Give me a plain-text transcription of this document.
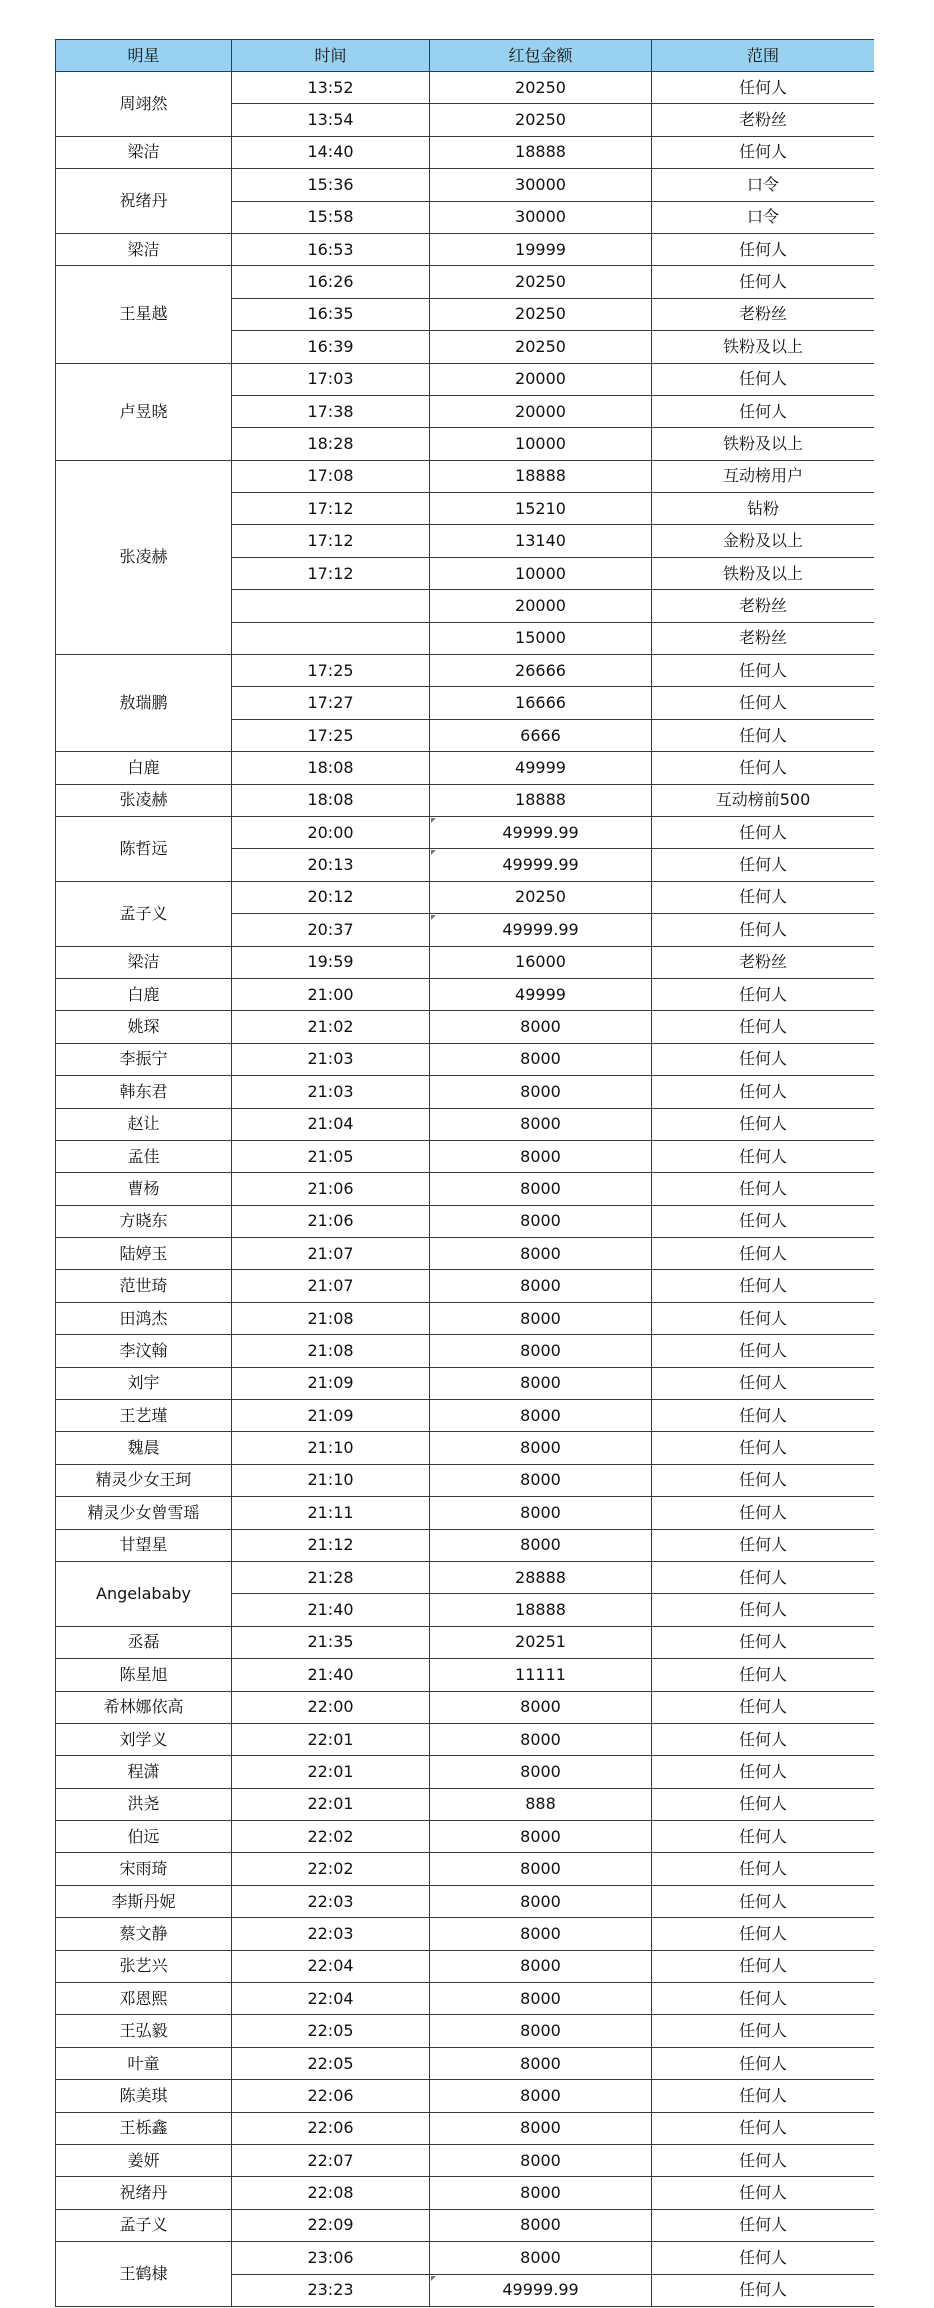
明星	时间	红包金额	范围
周翊然	13:52	20250	任何人
	13:54	20250	老粉丝
梁洁	14:40	18888	任何人
祝绪丹	15:36	30000	口令
	15:58	30000	口令
梁洁	16:53	19999	任何人
王星越	16:26	20250	任何人
	16:35	20250	老粉丝
	16:39	20250	铁粉及以上
卢昱晓	17:03	20000	任何人
	17:38	20000	任何人
	18:28	10000	铁粉及以上
张凌赫	17:08	18888	互动榜用户
	17:12	15210	钻粉
	17:12	13140	金粉及以上
	17:12	10000	铁粉及以上
		20000	老粉丝
		15000	老粉丝
敖瑞鹏	17:25	26666	任何人
	17:27	16666	任何人
	17:25	6666	任何人
白鹿	18:08	49999	任何人
张凌赫	18:08	18888	互动榜前500
陈哲远	20:00	49999.99	任何人
	20:13	49999.99	任何人
孟子义	20:12	20250	任何人
	20:37	49999.99	任何人
梁洁	19:59	16000	老粉丝
白鹿	21:00	49999	任何人
姚琛	21:02	8000	任何人
李振宁	21:03	8000	任何人
韩东君	21:03	8000	任何人
赵让	21:04	8000	任何人
孟佳	21:05	8000	任何人
曹杨	21:06	8000	任何人
方晓东	21:06	8000	任何人
陆婷玉	21:07	8000	任何人
范世琦	21:07	8000	任何人
田鸿杰	21:08	8000	任何人
李汶翰	21:08	8000	任何人
刘宇	21:09	8000	任何人
王艺瑾	21:09	8000	任何人
魏晨	21:10	8000	任何人
精灵少女王珂	21:10	8000	任何人
精灵少女曾雪瑶	21:11	8000	任何人
甘望星	21:12	8000	任何人
Angelababy	21:28	28888	任何人
	21:40	18888	任何人
丞磊	21:35	20251	任何人
陈星旭	21:40	11111	任何人
希林娜依高	22:00	8000	任何人
刘学义	22:01	8000	任何人
程潇	22:01	8000	任何人
洪尧	22:01	888	任何人
伯远	22:02	8000	任何人
宋雨琦	22:02	8000	任何人
李斯丹妮	22:03	8000	任何人
蔡文静	22:03	8000	任何人
张艺兴	22:04	8000	任何人
邓恩熙	22:04	8000	任何人
王弘毅	22:05	8000	任何人
叶童	22:05	8000	任何人
陈美琪	22:06	8000	任何人
王栎鑫	22:06	8000	任何人
姜妍	22:07	8000	任何人
祝绪丹	22:08	8000	任何人
孟子义	22:09	8000	任何人
王鹤棣	23:06	8000	任何人
	23:23	49999.99	任何人
